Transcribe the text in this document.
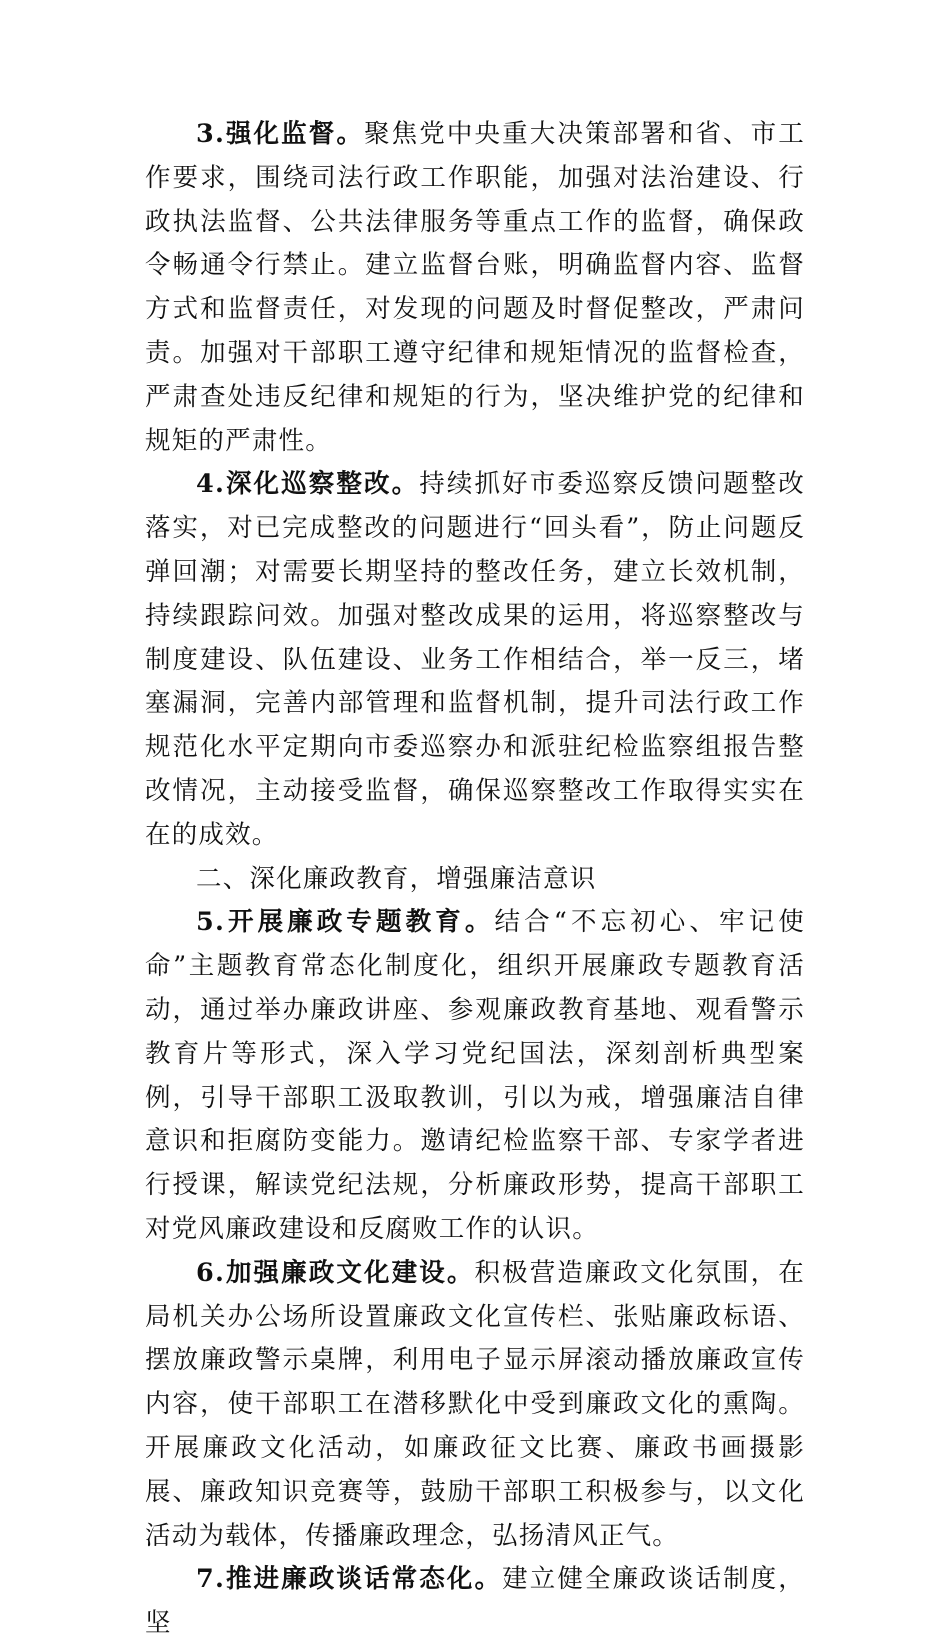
3.强化监督。聚焦党中央重大决策部署和省、市工作要求，围绕司法行政工作职能，加强对法治建设、行政执法监督、公共法律服务等重点工作的监督，确保政令畅通令行禁止。建立监督台账，明确监督内容、监督方式和监督责任，对发现的问题及时督促整改，严肃问责。加强对干部职工遵守纪律和规矩情况的监督检查，严肃查处违反纪律和规矩的行为，坚决维护党的纪律和规矩的严肃性。

4.深化巡察整改。持续抓好市委巡察反馈问题整改落实，对已完成整改的问题进行“回头看”，防止问题反弹回潮；对需要长期坚持的整改任务，建立长效机制，持续跟踪问效。加强对整改成果的运用，将巡察整改与制度建设、队伍建设、业务工作相结合，举一反三，堵塞漏洞，完善内部管理和监督机制，提升司法行政工作规范化水平定期向市委巡察办和派驻纪检监察组报告整改情况，主动接受监督，确保巡察整改工作取得实实在在的成效。

二、深化廉政教育，增强廉洁意识

5.开展廉政专题教育。结合“不忘初心、牢记使命”主题教育常态化制度化，组织开展廉政专题教育活动，通过举办廉政讲座、参观廉政教育基地、观看警示教育片等形式，深入学习党纪国法，深刻剖析典型案例，引导干部职工汲取教训，引以为戒，增强廉洁自律意识和拒腐防变能力。邀请纪检监察干部、专家学者进行授课，解读党纪法规，分析廉政形势，提高干部职工对党风廉政建设和反腐败工作的认识。

6.加强廉政文化建设。积极营造廉政文化氛围，在局机关办公场所设置廉政文化宣传栏、张贴廉政标语、摆放廉政警示桌牌，利用电子显示屏滚动播放廉政宣传内容，使干部职工在潜移默化中受到廉政文化的熏陶。开展廉政文化活动，如廉政征文比赛、廉政书画摄影展、廉政知识竞赛等，鼓励干部职工积极参与，以文化活动为载体，传播廉政理念，弘扬清风正气。

7.推进廉政谈话常态化。建立健全廉政谈话制度，坚
